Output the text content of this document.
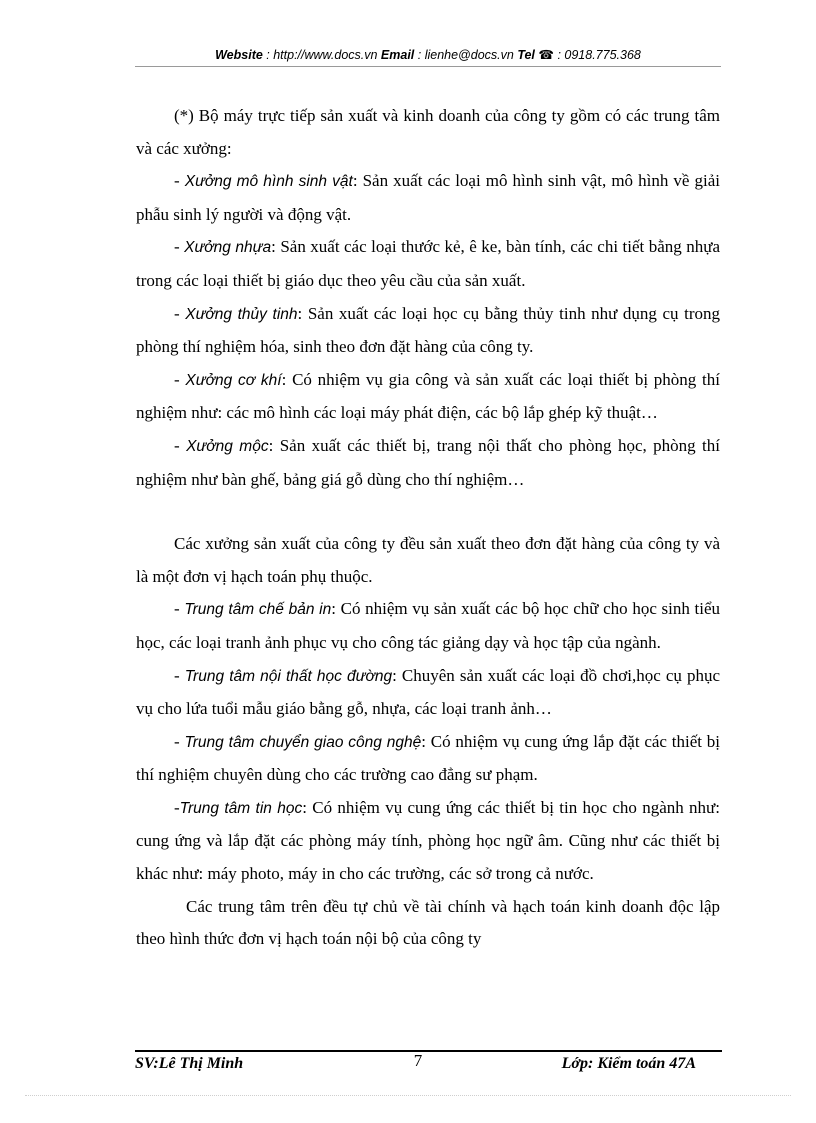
Website : http://www.docs.vn Email : lienhe@docs.vn Tel ☎ : 0918.775.368

(*) Bộ máy trực tiếp sản xuất và kinh doanh của công ty gồm có các trung tâm và các xưởng:

- Xưởng mô hình sinh vật: Sản xuất các loại mô hình sinh vật, mô hình về giải phẫu sinh lý người và động vật.

- Xưởng nhựa: Sản xuất các loại thước kẻ, ê ke, bàn tính, các chi tiết bằng nhựa trong các loại thiết bị giáo dục theo yêu cầu của sản xuất.

- Xưởng thủy tinh: Sản xuất các loại học cụ bằng thủy tinh như dụng cụ trong phòng thí nghiệm hóa, sinh theo đơn đặt hàng của công ty.

- Xưởng cơ khí: Có nhiệm vụ gia công và sản xuất các loại thiết bị phòng thí nghiệm như: các mô hình các loại máy phát điện, các bộ lắp ghép kỹ thuật…

- Xưởng mộc: Sản xuất các thiết bị, trang nội thất cho phòng học, phòng thí nghiệm như bàn ghế, bảng giá gỗ dùng cho thí nghiệm…

Các xưởng sản xuất của công ty đều sản xuất theo đơn đặt hàng của công ty và là một đơn vị hạch toán phụ thuộc.

- Trung tâm chế bản in: Có nhiệm vụ sản xuất các bộ học chữ cho học sinh tiểu học, các loại tranh ảnh phục vụ cho công tác giảng dạy và học tập của ngành.

- Trung tâm nội thất học đường: Chuyên sản xuất các loại đồ chơi,học cụ phục vụ cho lứa tuổi mẫu giáo bằng gỗ, nhựa, các loại tranh ảnh…

- Trung tâm chuyển giao công nghệ: Có nhiệm vụ cung ứng lắp đặt các thiết bị thí nghiệm chuyên dùng cho các trường cao đẳng sư phạm.

-Trung tâm tin học: Có nhiệm vụ cung ứng các thiết bị tin học cho ngành như: cung ứng và lắp đặt các phòng máy tính, phòng học ngữ âm. Cũng như các thiết bị khác như: máy photo, máy in cho các trường, các sở trong cả nước.

Các trung tâm trên đều tự chủ về tài chính và hạch toán kinh doanh độc lập theo hình thức đơn vị hạch toán nội bộ của công ty

SV:Lê Thị Minh	7	Lớp: Kiểm toán 47A
